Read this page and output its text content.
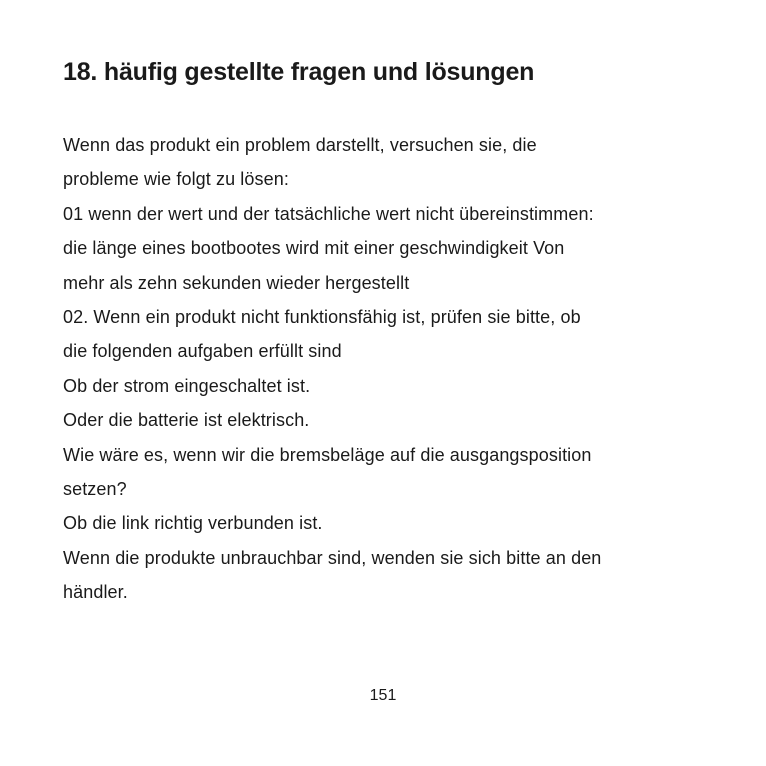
18. häufig gestellte fragen und lösungen
Wenn das produkt ein problem darstellt, versuchen sie, die
probleme wie folgt zu lösen:
01 wenn der wert und der tatsächliche wert nicht übereinstimmen:
die länge eines bootbootes wird mit einer geschwindigkeit Von
mehr als zehn sekunden wieder hergestellt
02. Wenn ein produkt nicht funktionsfähig ist, prüfen sie bitte, ob
die folgenden aufgaben erfüllt sind
Ob der strom eingeschaltet ist.
Oder die batterie ist elektrisch.
Wie wäre es, wenn wir die bremsbeläge auf die ausgangsposition
setzen?
Ob die link richtig verbunden ist.
Wenn die produkte unbrauchbar sind, wenden sie sich bitte an den
händler.
151
